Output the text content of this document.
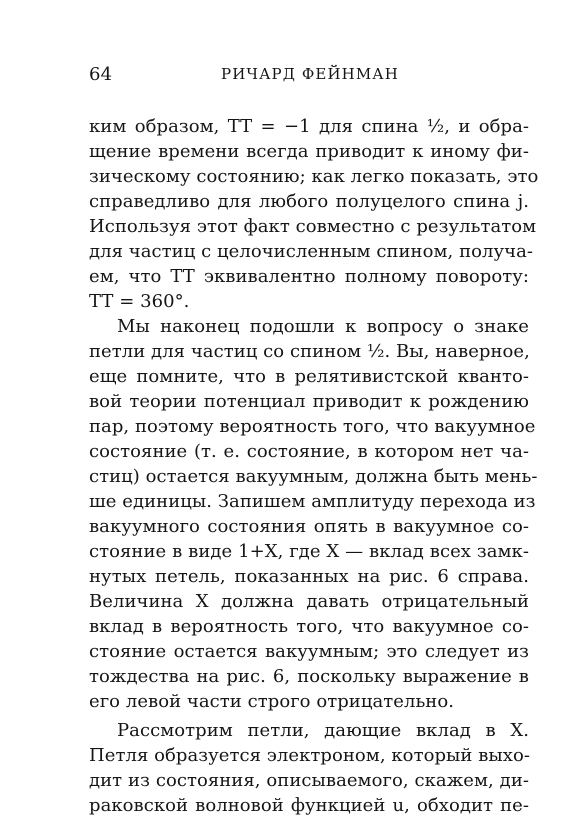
64	РИЧАРД ФЕЙНМАН
ким образом, TT = −1 для спина ½, и обра-
щение времени всегда приводит к иному фи-
зическому состоянию; как легко показать, это
справедливо для любого полуцелого спина j.
Используя этот факт совместно с результатом
для частиц с целочисленным спином, получа-
ем, что TT эквивалентно полному повороту:
TT = 360°.
Мы наконец подошли к вопросу о знаке
петли для частиц со спином ½. Вы, наверное,
еще помните, что в релятивистской кванто-
вой теории потенциал приводит к рождению
пар, поэтому вероятность того, что вакуумное
состояние (т. е. состояние, в котором нет ча-
стиц) остается вакуумным, должна быть мень-
ше единицы. Запишем амплитуду перехода из
вакуумного состояния опять в вакуумное со-
стояние в виде 1+X, где X — вклад всех замк-
нутых петель, показанных на рис. 6 справа.
Величина X должна давать отрицательный
вклад в вероятность того, что вакуумное со-
стояние остается вакуумным; это следует из
тождества на рис. 6, поскольку выражение в
его левой части строго отрицательно.
Рассмотрим петли, дающие вклад в X.
Петля образуется электроном, который выхо-
дит из состояния, описываемого, скажем, ди-
раковской волновой функцией u, обходит пе-
